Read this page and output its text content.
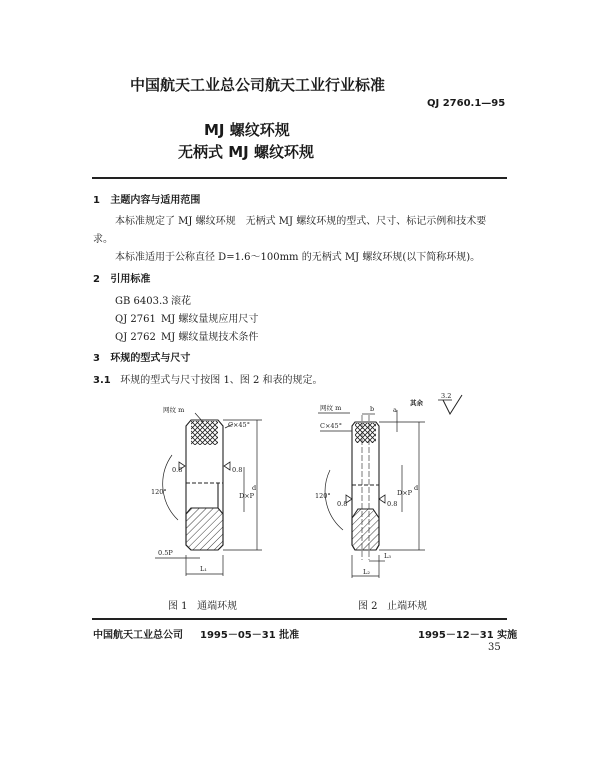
中国航天工业总公司航天工业行业标准
QJ 2760.1—95
MJ 螺纹环规
无柄式 MJ 螺纹环规
1 主题内容与适用范围
本标准规定了 MJ 螺纹环规　无柄式 MJ 螺纹环规的型式、尺寸、标记示例和技术要
求。
本标准适用于公称直径 D=1.6～100mm 的无柄式 MJ 螺纹环规(以下简称环规)。
2 引用标准
GB 6403.3 滚花
QJ 2761 MJ 螺纹量规应用尺寸
QJ 2762 MJ 螺纹量规技术条件
3 环规的型式与尺寸
3.1 环规的型式与尺寸按图 1、图 2 和表的规定。
网纹 m
C×45°
120°
0.8	0.8
D×P
d
0.5P
L₁
网纹 m
C×45°
b	a
120°
0.8	0.8
D×P
d
L₂
L₃
其余
3.2
图 1 通端环规	图 2 止端环规
中国航天工业总公司 1995－05－31 批准	1995－12－31 实施
35
